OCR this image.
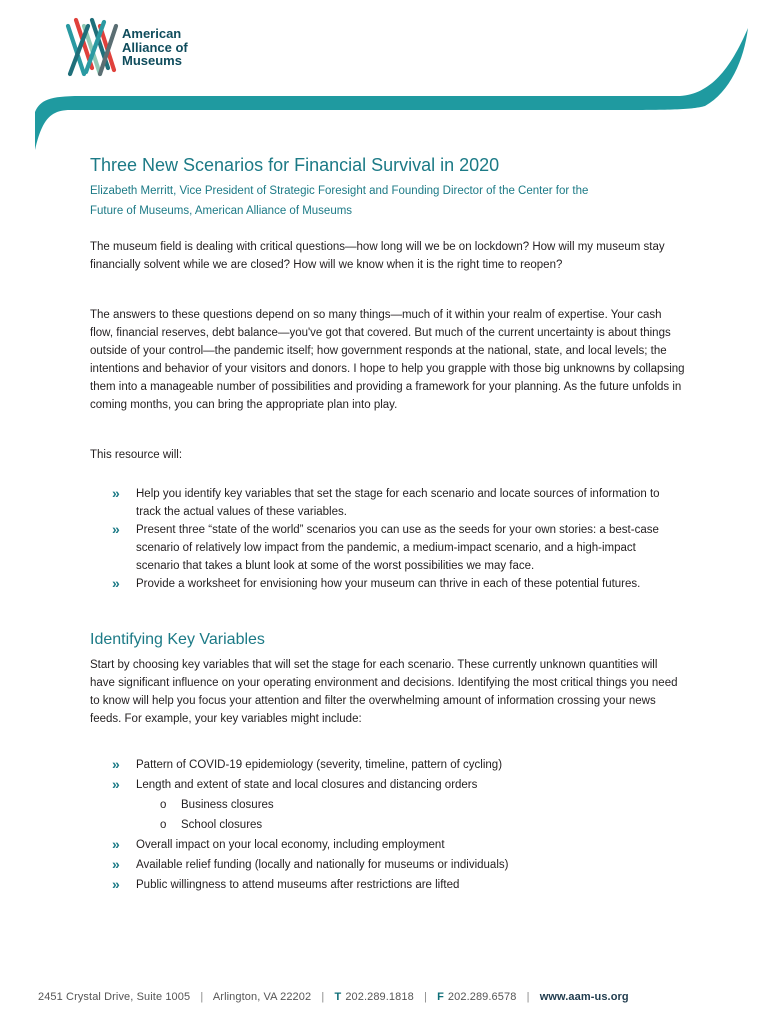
American
Alliance of
Museums
Three New Scenarios for Financial Survival in 2020
Elizabeth Merritt, Vice President of Strategic Foresight and Founding Director of the Center for the
Future of Museums, American Alliance of Museums

The museum field is dealing with critical questions—how long will we be on lockdown? How will my museum stay financially solvent while we are closed? How will we know when it is the right time to reopen?

The answers to these questions depend on so many things—much of it within your realm of expertise. Your cash flow, financial reserves, debt balance—you've got that covered. But much of the current uncertainty is about things outside of your control—the pandemic itself; how government responds at the national, state, and local levels; the intentions and behavior of your visitors and donors. I hope to help you grapple with those big unknowns by collapsing them into a manageable number of possibilities and providing a framework for your planning. As the future unfolds in coming months, you can bring the appropriate plan into play.

This resource will:

» Help you identify key variables that set the stage for each scenario and locate sources of information to track the actual values of these variables.
» Present three “state of the world” scenarios you can use as the seeds for your own stories: a best-case scenario of relatively low impact from the pandemic, a medium-impact scenario, and a high-impact scenario that takes a blunt look at some of the worst possibilities we may face.
» Provide a worksheet for envisioning how your museum can thrive in each of these potential futures.
Identifying Key Variables

Start by choosing key variables that will set the stage for each scenario. These currently unknown quantities will have significant influence on your operating environment and decisions. Identifying the most critical things you need to know will help you focus your attention and filter the overwhelming amount of information crossing your news feeds. For example, your key variables might include:

» Pattern of COVID-19 epidemiology (severity, timeline, pattern of cycling)
» Length and extent of state and local closures and distancing orders
o Business closures
o School closures
» Overall impact on your local economy, including employment
» Available relief funding (locally and nationally for museums or individuals)
» Public willingness to attend museums after restrictions are lifted
2451 Crystal Drive, Suite 1005 | Arlington, VA 22202 | T 202.289.1818 | F 202.289.6578 | www.aam-us.org
